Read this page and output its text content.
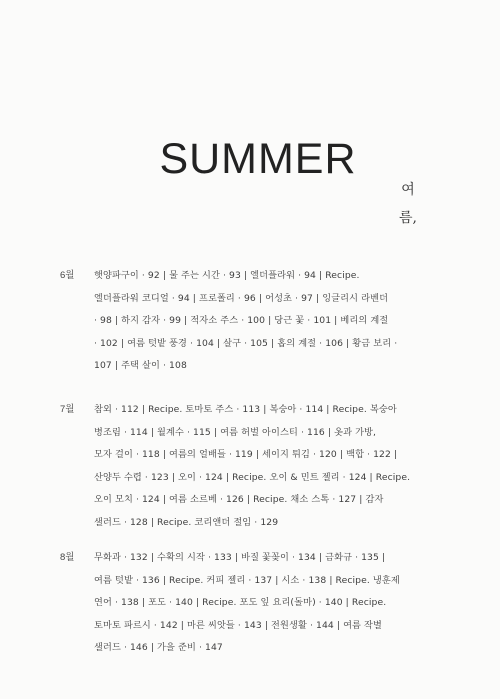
SUMMER
여
름,
6월 햇양파구이 · 92 | 물 주는 시간 · 93 | 엘더플라워 · 94 | Recipe.
엘더플라워 코디얼 · 94 | 프로폴리 · 96 | 어성초 · 97 | 잉글리시 라벤더
· 98 | 하지 감자 · 99 | 적자소 주스 · 100 | 당근 꽃 · 101 | 베리의 계절
· 102 | 여름 텃밭 풍경 · 104 | 살구 · 105 | 홉의 계절 · 106 | 황금 보리 ·
107 | 주택 살이 · 108
7월 참외 · 112 | Recipe. 토마토 주스 · 113 | 복숭아 · 114 | Recipe. 복숭아
병조림 · 114 | 월계수 · 115 | 여름 허벌 아이스티 · 116 | 옷과 가방,
모자 걸이 · 118 | 여름의 얼배들 · 119 | 세이지 튀김 · 120 | 백합 · 122 |
산양두 수렵 · 123 | 오이 · 124 | Recipe. 오이 & 민트 젤리 · 124 | Recipe.
오이 모치 · 124 | 여름 소르베 · 126 | Recipe. 채소 스톡 · 127 | 감자
샐러드 · 128 | Recipe. 코리앤더 절임 · 129
8월 무화과 · 132 | 수확의 시작 · 133 | 바질 꽃꽂이 · 134 | 금화규 · 135 |
여름 텃밭 · 136 | Recipe. 커피 젤리 · 137 | 시소 · 138 | Recipe. 냉훈제
연어 · 138 | 포도 · 140 | Recipe. 포도 잎 요리(돌마) · 140 | Recipe.
토마토 파르시 · 142 | 마른 씨앗들 · 143 | 전원생활 · 144 | 여름 작별
샐러드 · 146 | 가을 준비 · 147
